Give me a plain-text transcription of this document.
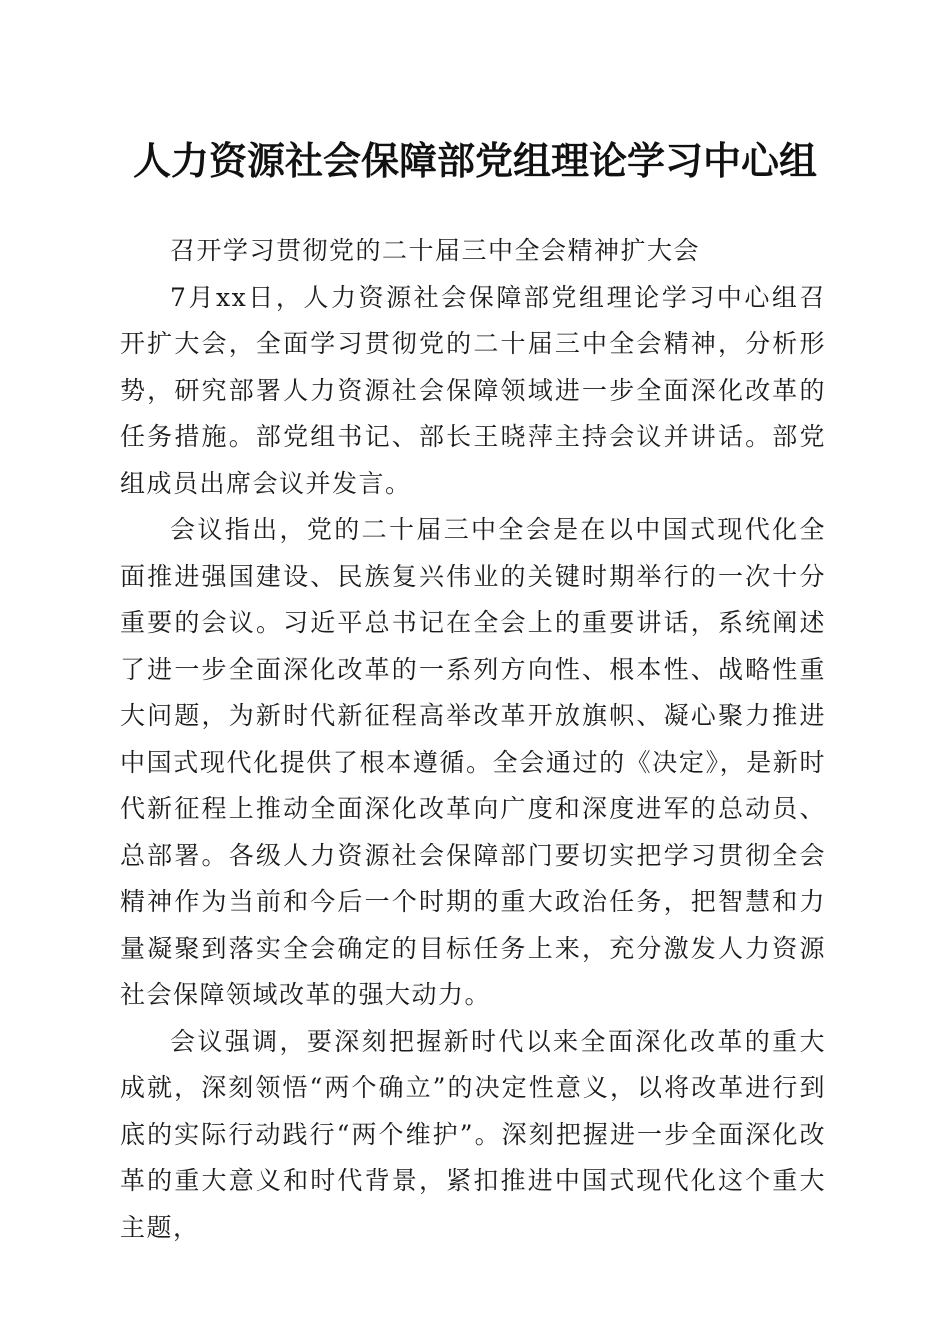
人力资源社会保障部党组理论学习中心组

召开学习贯彻党的二十届三中全会精神扩大会

7月xx日，人力资源社会保障部党组理论学习中心组召开扩大会，全面学习贯彻党的二十届三中全会精神，分析形势，研究部署人力资源社会保障领域进一步全面深化改革的任务措施。部党组书记、部长王晓萍主持会议并讲话。部党组成员出席会议并发言。

会议指出，党的二十届三中全会是在以中国式现代化全面推进强国建设、民族复兴伟业的关键时期举行的一次十分重要的会议。习近平总书记在全会上的重要讲话，系统阐述了进一步全面深化改革的一系列方向性、根本性、战略性重大问题，为新时代新征程高举改革开放旗帜、凝心聚力推进中国式现代化提供了根本遵循。全会通过的《决定》，是新时代新征程上推动全面深化改革向广度和深度进军的总动员、总部署。各级人力资源社会保障部门要切实把学习贯彻全会精神作为当前和今后一个时期的重大政治任务，把智慧和力量凝聚到落实全会确定的目标任务上来，充分激发人力资源社会保障领域改革的强大动力。

会议强调，要深刻把握新时代以来全面深化改革的重大成就，深刻领悟“两个确立”的决定性意义，以将改革进行到底的实际行动践行“两个维护”。深刻把握进一步全面深化改革的重大意义和时代背景，紧扣推进中国式现代化这个重大主题，
